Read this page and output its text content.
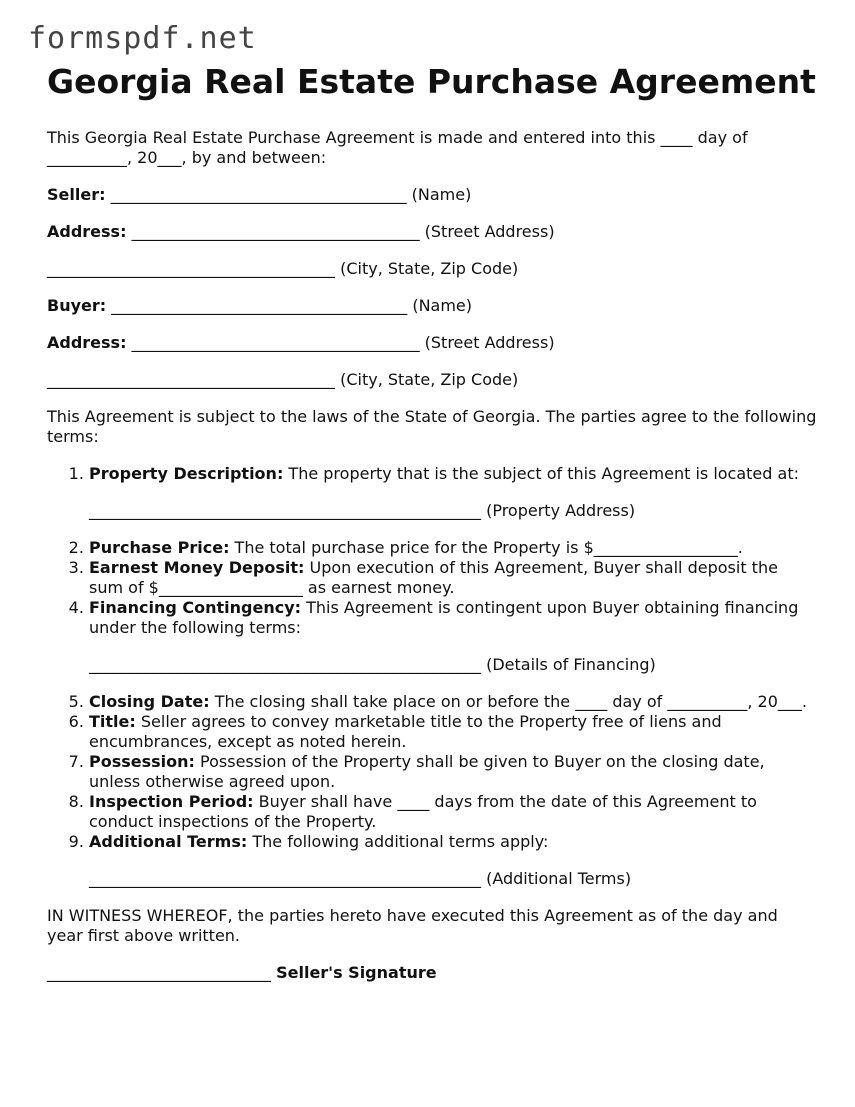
formspdf.net
Georgia Real Estate Purchase Agreement

This Georgia Real Estate Purchase Agreement is made and entered into this ____ day of __________, 20___, by and between:

Seller: _____________________________________ (Name)

Address: ____________________________________ (Street Address)

____________________________________ (City, State, Zip Code)

Buyer: _____________________________________ (Name)

Address: ____________________________________ (Street Address)

____________________________________ (City, State, Zip Code)

This Agreement is subject to the laws of the State of Georgia. The parties agree to the following terms:

1. Property Description: The property that is the subject of this Agreement is located at:

_________________________________________________ (Property Address)

2. Purchase Price: The total purchase price for the Property is $__________________.
3. Earnest Money Deposit: Upon execution of this Agreement, Buyer shall deposit the sum of $__________________ as earnest money.
4. Financing Contingency: This Agreement is contingent upon Buyer obtaining financing under the following terms:

_________________________________________________ (Details of Financing)

5. Closing Date: The closing shall take place on or before the ____ day of __________, 20___.
6. Title: Seller agrees to convey marketable title to the Property free of liens and encumbrances, except as noted herein.
7. Possession: Possession of the Property shall be given to Buyer on the closing date, unless otherwise agreed upon.
8. Inspection Period: Buyer shall have ____ days from the date of this Agreement to conduct inspections of the Property.
9. Additional Terms: The following additional terms apply:

_________________________________________________ (Additional Terms)

IN WITNESS WHEREOF, the parties hereto have executed this Agreement as of the day and year first above written.

____________________________ Seller's Signature
